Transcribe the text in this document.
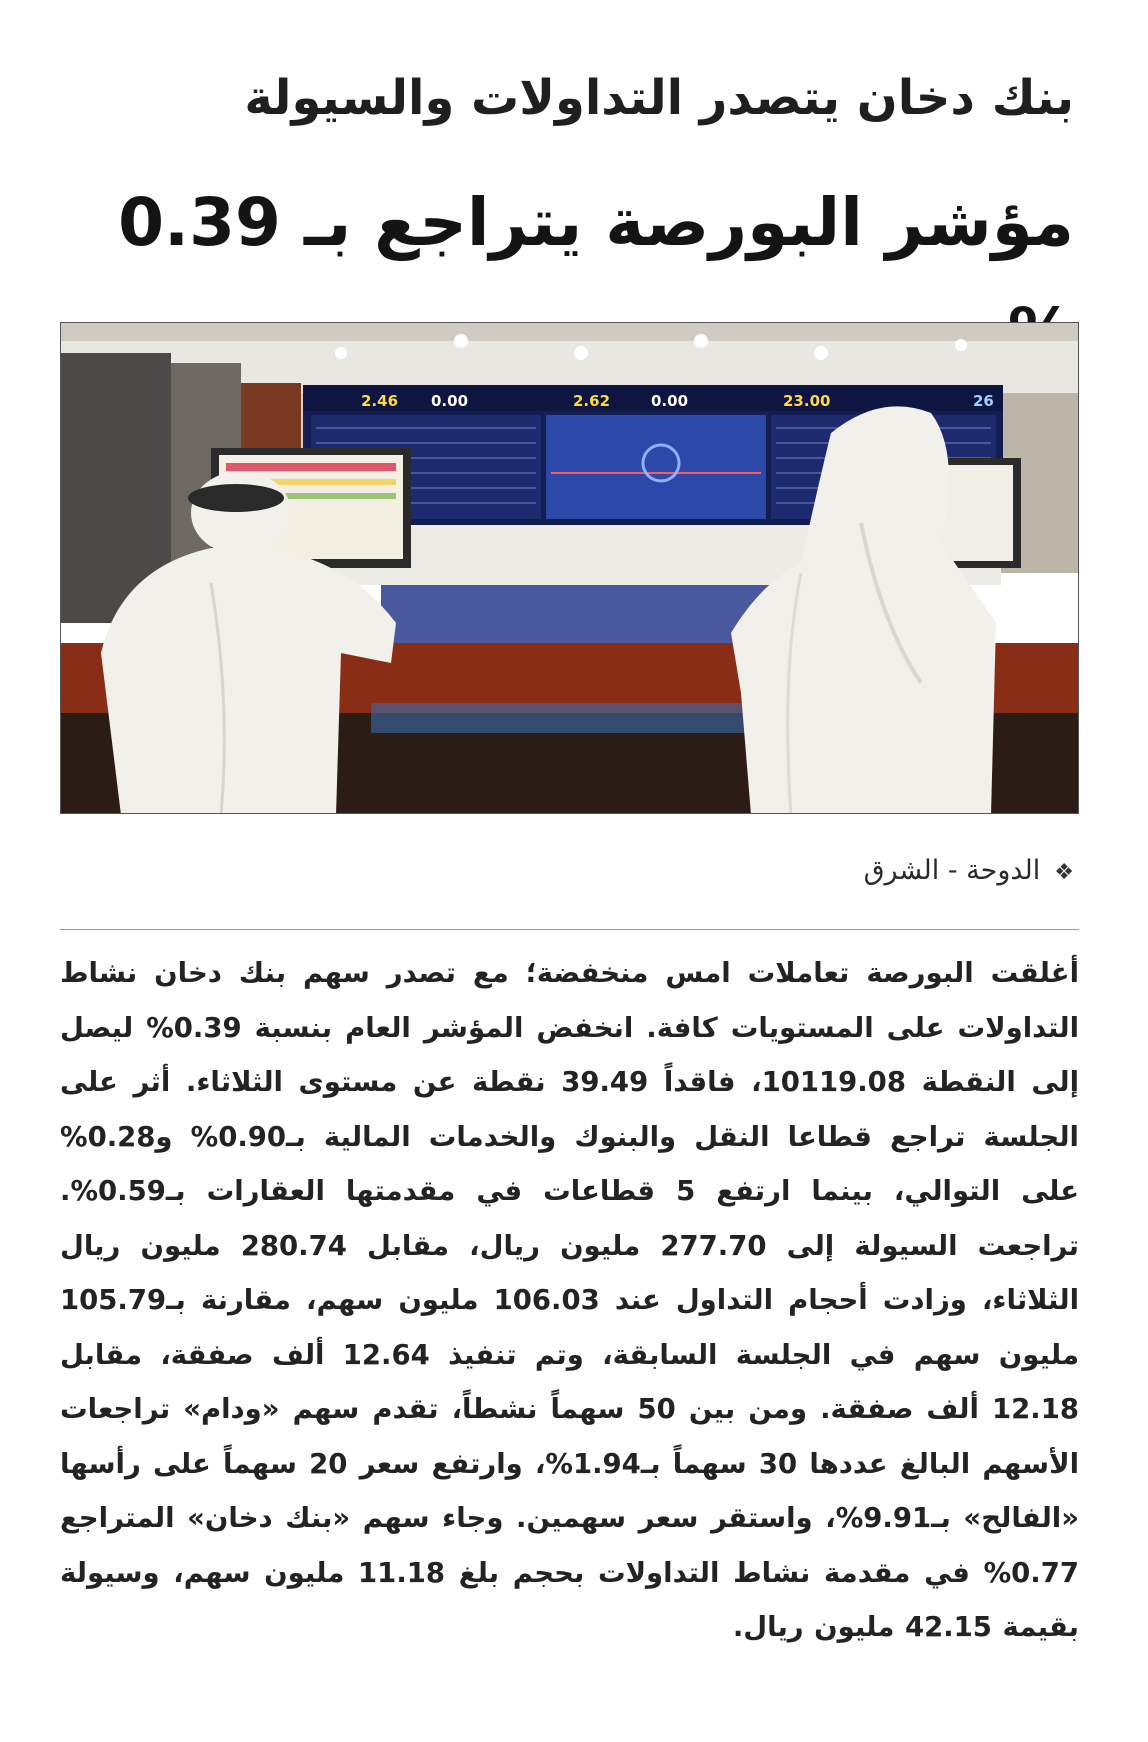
بنك دخان يتصدر التداولات والسيولة
مؤشر البورصة يتراجع بـ 0.39
2.46 0.00	2.62	0.00	23.00	26
❖الدوحة - الشرق
أغلقت البورصة تعاملات امس منخفضة؛ مع تصدر سهم بنك دخان نشاط التداولات على المستويات كافة. انخفض المؤشر العام بنسبة 0.39% ليصل إلى النقطة 10119.08، فاقداً 39.49 نقطة عن مستوى الثلاثاء. أثر على الجلسة تراجع قطاعا النقل والبنوك والخدمات المالية بـ0.90% و0.28% على التوالي، بينما ارتفع 5 قطاعات في مقدمتها العقارات بـ0.59%. تراجعت السيولة إلى 277.70 مليون ريال، مقابل 280.74 مليون ريال الثلاثاء، وزادت أحجام التداول عند 106.03 مليون سهم، مقارنة بـ105.79 مليون سهم في الجلسة السابقة، وتم تنفيذ 12.64 ألف صفقة، مقابل 12.18 ألف صفقة. ومن بين 50 سهماً نشطاً، تقدم سهم «ودام» تراجعات الأسهم البالغ عددها 30 سهماً بـ1.94%، وارتفع سعر 20 سهماً على رأسها «الفالح» بـ9.91%، واستقر سعر سهمين. وجاء سهم «بنك دخان» المتراجع 0.77% في مقدمة نشاط التداولات بحجم بلغ 11.18 مليون سهم، وسيولة بقيمة 42.15 مليون ريال.
